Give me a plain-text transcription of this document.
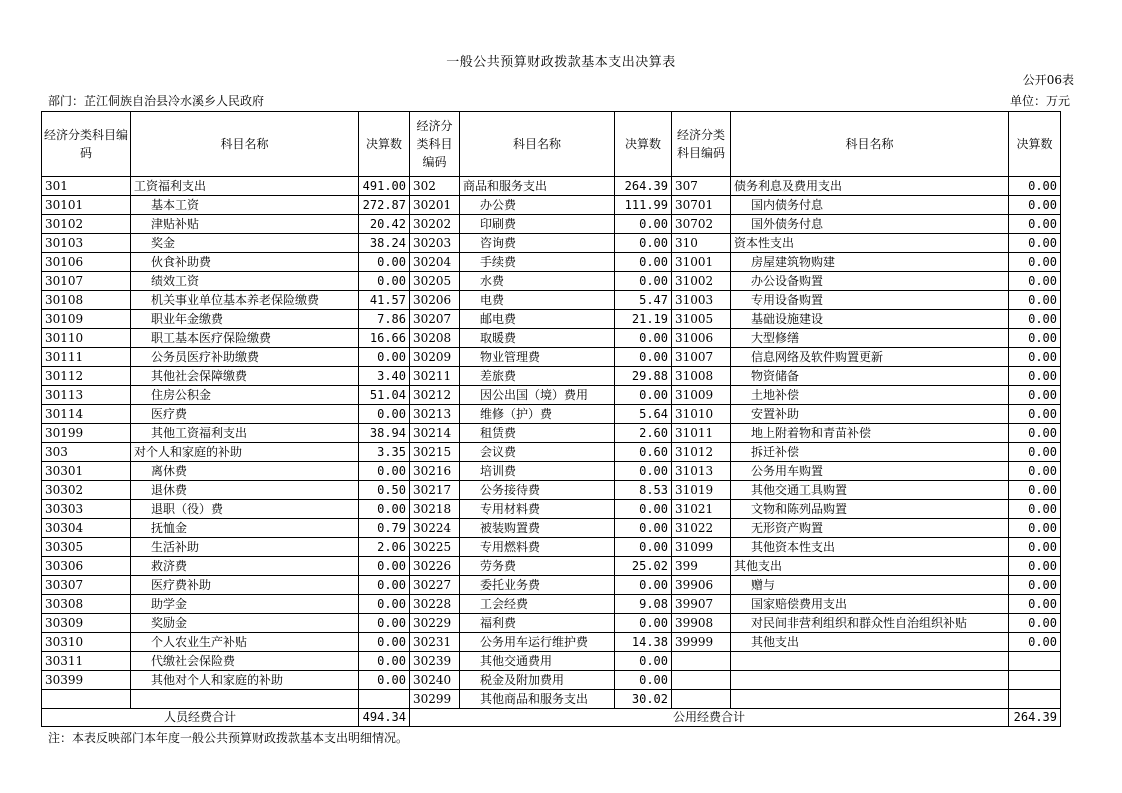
一般公共预算财政拨款基本支出决算表
公开06表
部门：芷江侗族自治县冷水溪乡人民政府	单位：万元
经济分类科目编码	科目名称	决算数	经济分类科目编码	科目名称	决算数	经济分类科目编码	科目名称	决算数
301	工资福利支出	491.00	302	商品和服务支出	264.39	307	债务利息及费用支出	0.00
30101	基本工资	272.87	30201	办公费	111.99	30701	国内债务付息	0.00
30102	津贴补贴	20.42	30202	印刷费	0.00	30702	国外债务付息	0.00
30103	奖金	38.24	30203	咨询费	0.00	310	资本性支出	0.00
30106	伙食补助费	0.00	30204	手续费	0.00	31001	房屋建筑物购建	0.00
30107	绩效工资	0.00	30205	水费	0.00	31002	办公设备购置	0.00
30108	机关事业单位基本养老保险缴费	41.57	30206	电费	5.47	31003	专用设备购置	0.00
30109	职业年金缴费	7.86	30207	邮电费	21.19	31005	基础设施建设	0.00
30110	职工基本医疗保险缴费	16.66	30208	取暖费	0.00	31006	大型修缮	0.00
30111	公务员医疗补助缴费	0.00	30209	物业管理费	0.00	31007	信息网络及软件购置更新	0.00
30112	其他社会保障缴费	3.40	30211	差旅费	29.88	31008	物资储备	0.00
30113	住房公积金	51.04	30212	因公出国（境）费用	0.00	31009	土地补偿	0.00
30114	医疗费	0.00	30213	维修（护）费	5.64	31010	安置补助	0.00
30199	其他工资福利支出	38.94	30214	租赁费	2.60	31011	地上附着物和青苗补偿	0.00
303	对个人和家庭的补助	3.35	30215	会议费	0.60	31012	拆迁补偿	0.00
30301	离休费	0.00	30216	培训费	0.00	31013	公务用车购置	0.00
30302	退休费	0.50	30217	公务接待费	8.53	31019	其他交通工具购置	0.00
30303	退职（役）费	0.00	30218	专用材料费	0.00	31021	文物和陈列品购置	0.00
30304	抚恤金	0.79	30224	被装购置费	0.00	31022	无形资产购置	0.00
30305	生活补助	2.06	30225	专用燃料费	0.00	31099	其他资本性支出	0.00
30306	救济费	0.00	30226	劳务费	25.02	399	其他支出	0.00
30307	医疗费补助	0.00	30227	委托业务费	0.00	39906	赠与	0.00
30308	助学金	0.00	30228	工会经费	9.08	39907	国家赔偿费用支出	0.00
30309	奖励金	0.00	30229	福利费	0.00	39908	对民间非营利组织和群众性自治组织补贴	0.00
30310	个人农业生产补贴	0.00	30231	公务用车运行维护费	14.38	39999	其他支出	0.00
30311	代缴社会保险费	0.00	30239	其他交通费用	0.00			
30399	其他对个人和家庭的补助	0.00	30240	税金及附加费用	0.00			
			30299	其他商品和服务支出	30.02			
人员经费合计		494.34	公用经费合计					264.39
注：本表反映部门本年度一般公共预算财政拨款基本支出明细情况。
